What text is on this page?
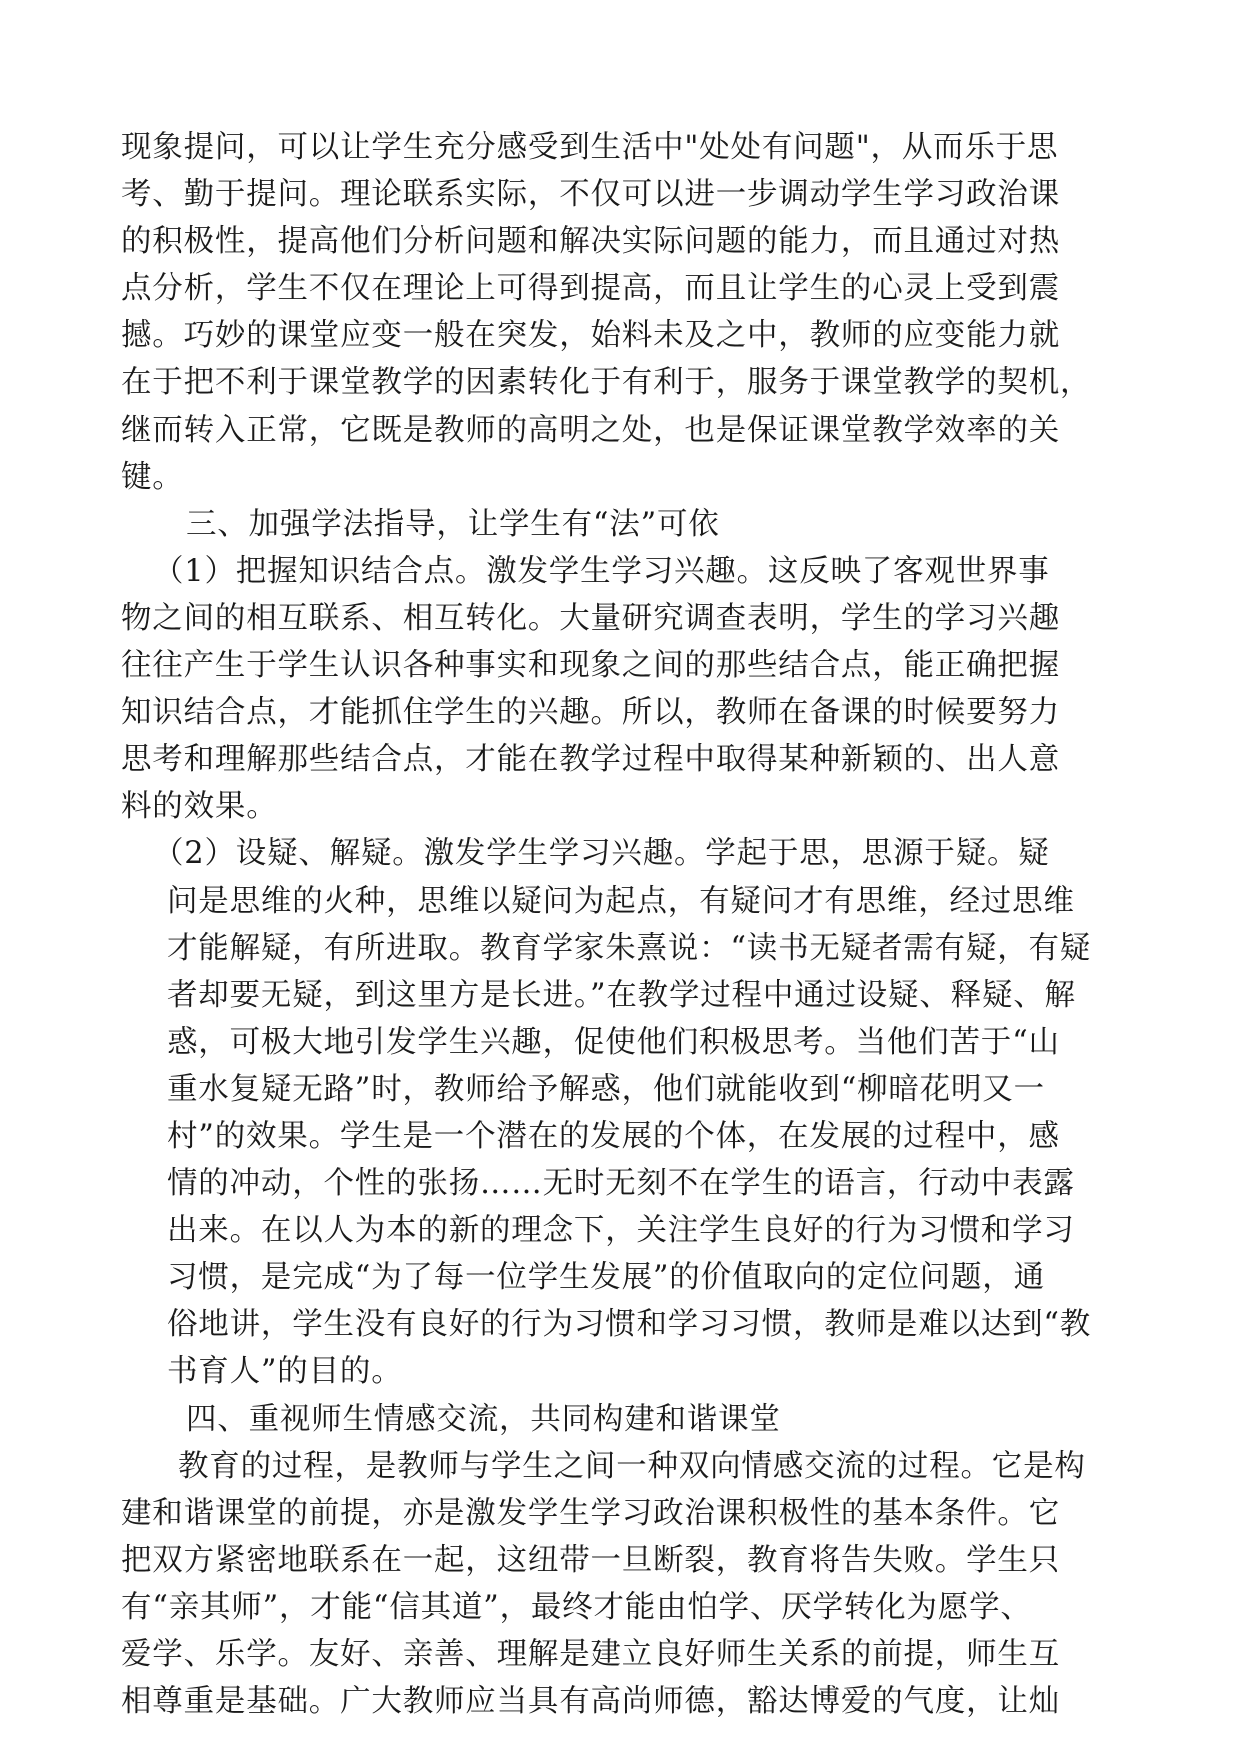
现象提问，可以让学生充分感受到生活中"处处有问题"，从而乐于思
考、勤于提问。理论联系实际，不仅可以进一步调动学生学习政治课
的积极性，提高他们分析问题和解决实际问题的能力，而且通过对热
点分析，学生不仅在理论上可得到提高，而且让学生的心灵上受到震
撼。巧妙的课堂应变一般在突发，始料未及之中，教师的应变能力就
在于把不利于课堂教学的因素转化于有利于，服务于课堂教学的契机，
继而转入正常，它既是教师的高明之处，也是保证课堂教学效率的关
键。
三、加强学法指导，让学生有“法”可依
（1）把握知识结合点。激发学生学习兴趣。这反映了客观世界事
物之间的相互联系、相互转化。大量研究调查表明，学生的学习兴趣
往往产生于学生认识各种事实和现象之间的那些结合点，能正确把握
知识结合点，才能抓住学生的兴趣。所以，教师在备课的时候要努力
思考和理解那些结合点，才能在教学过程中取得某种新颖的、出人意
料的效果。
（2）设疑、解疑。激发学生学习兴趣。学起于思，思源于疑。疑
问是思维的火种，思维以疑问为起点，有疑问才有思维，经过思维
才能解疑，有所进取。教育学家朱熹说：“读书无疑者需有疑，有疑
者却要无疑，到这里方是长进。”在教学过程中通过设疑、释疑、解
惑，可极大地引发学生兴趣，促使他们积极思考。当他们苦于“山
重水复疑无路”时，教师给予解惑，他们就能收到“柳暗花明又一
村”的效果。学生是一个潜在的发展的个体，在发展的过程中，感
情的冲动，个性的张扬……无时无刻不在学生的语言，行动中表露
出来。在以人为本的新的理念下，关注学生良好的行为习惯和学习
习惯，是完成“为了每一位学生发展”的价值取向的定位问题，通
俗地讲，学生没有良好的行为习惯和学习习惯，教师是难以达到“教
书育人”的目的。
四、重视师生情感交流，共同构建和谐课堂
教育的过程，是教师与学生之间一种双向情感交流的过程。它是构
建和谐课堂的前提，亦是激发学生学习政治课积极性的基本条件。它
把双方紧密地联系在一起，这纽带一旦断裂，教育将告失败。学生只
有“亲其师”，才能“信其道”，最终才能由怕学、厌学转化为愿学、
爱学、乐学。友好、亲善、理解是建立良好师生关系的前提，师生互
相尊重是基础。广大教师应当具有高尚师德，豁达博爱的气度，让灿
